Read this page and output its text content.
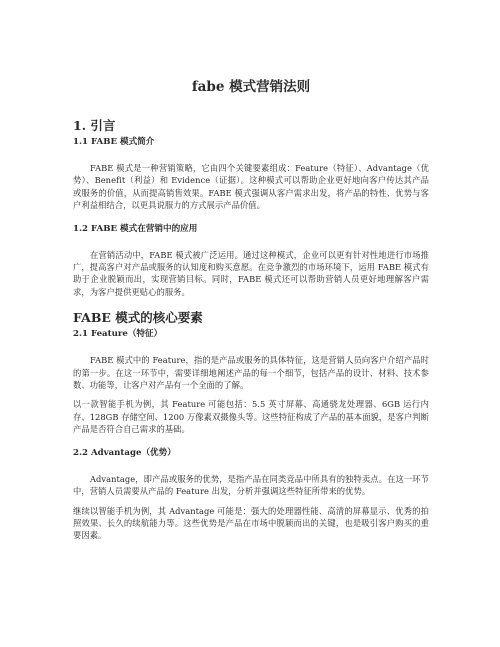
fabe 模式营销法则
1. 引言
1.1 FABE 模式简介
FABE 模式是一种营销策略，它由四个关键要素组成：Feature（特征）、Advantage（优势）、Benefit（利益）和 Evidence（证据）。这种模式可以帮助企业更好地向客户传达其产品或服务的价值，从而提高销售效果。FABE 模式强调从客户需求出发，将产品的特性、优势与客户利益相结合，以更具说服力的方式展示产品价值。
1.2 FABE 模式在营销中的应用
在营销活动中，FABE 模式被广泛运用。通过这种模式，企业可以更有针对性地进行市场推广，提高客户对产品或服务的认知度和购买意愿。在竞争激烈的市场环境下，运用 FABE 模式有助于企业脱颖而出，实现营销目标。同时，FABE 模式还可以帮助营销人员更好地理解客户需求，为客户提供更贴心的服务。
FABE 模式的核心要素
2.1 Feature（特征）
FABE 模式中的 Feature，指的是产品或服务的具体特征，这是营销人员向客户介绍产品时的第一步。在这一环节中，需要详细地阐述产品的每一个细节，包括产品的设计、材料、技术参数、功能等，让客户对产品有一个全面的了解。
以一款智能手机为例，其 Feature 可能包括：5.5 英寸屏幕、高通骁龙处理器、6GB 运行内存、128GB 存储空间、1200 万像素双摄像头等。这些特征构成了产品的基本面貌，是客户判断产品是否符合自己需求的基础。
2.2 Advantage（优势）
Advantage，即产品或服务的优势，是指产品在同类竞品中所具有的独特卖点。在这一环节中，营销人员需要从产品的 Feature 出发，分析并强调这些特征所带来的优势。
继续以智能手机为例，其 Advantage 可能是：强大的处理器性能、高清的屏幕显示、优秀的拍照效果、长久的续航能力等。这些优势是产品在市场中脱颖而出的关键，也是吸引客户购买的重要因素。
